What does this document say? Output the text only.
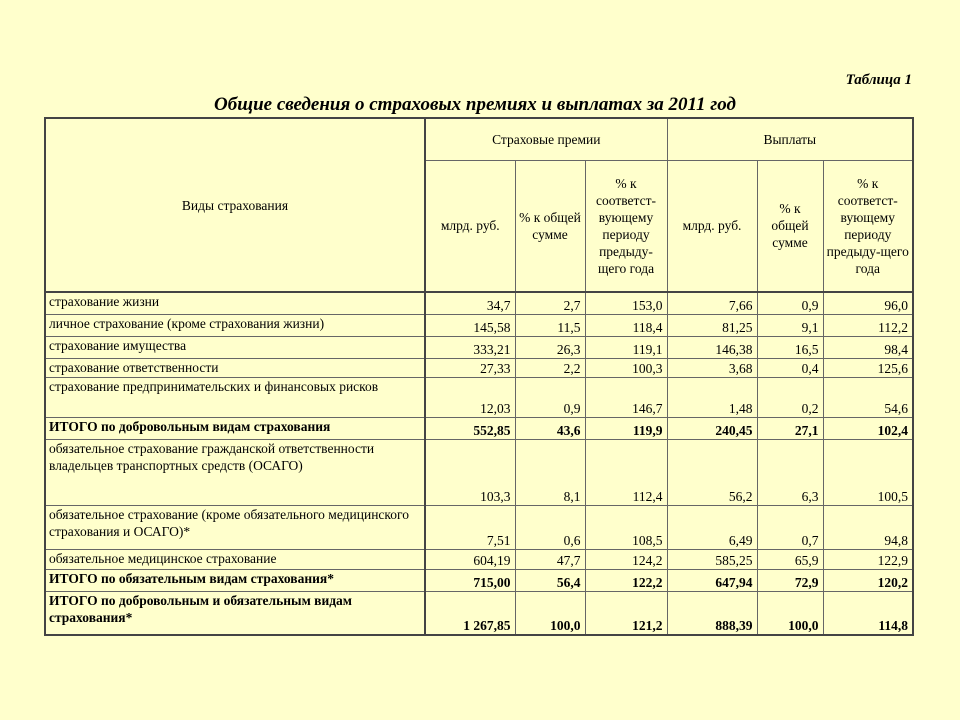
Таблица 1
Общие сведения о страховых премиях и выплатах за 2011 год
Виды страхования	Страховые премии			Выплаты		
	млрд. руб.	% к общей сумме	% к соответст-вующему периоду предыду-щего года	млрд. руб.	% к общей сумме	% к соответст-вующему периоду предыду-щего года
страхование жизни	34,7	2,7	153,0	7,66	0,9	96,0
личное страхование (кроме страхования жизни)	145,58	11,5	118,4	81,25	9,1	112,2
страхование имущества	333,21	26,3	119,1	146,38	16,5	98,4
страхование ответственности	27,33	2,2	100,3	3,68	0,4	125,6
страхование предпринимательских и финансовых рисков	12,03	0,9	146,7	1,48	0,2	54,6
ИТОГО по добровольным видам страхования	552,85	43,6	119,9	240,45	27,1	102,4
обязательное страхование гражданской ответственности владельцев транспортных средств (ОСАГО)	103,3	8,1	112,4	56,2	6,3	100,5
обязательное страхование (кроме обязательного медицинского страхования и ОСАГО)*	7,51	0,6	108,5	6,49	0,7	94,8
обязательное медицинское страхование	604,19	47,7	124,2	585,25	65,9	122,9
ИТОГО по обязательным видам страхования*	715,00	56,4	122,2	647,94	72,9	120,2
ИТОГО по добровольным и обязательным видам страхования*	1 267,85	100,0	121,2	888,39	100,0	114,8
